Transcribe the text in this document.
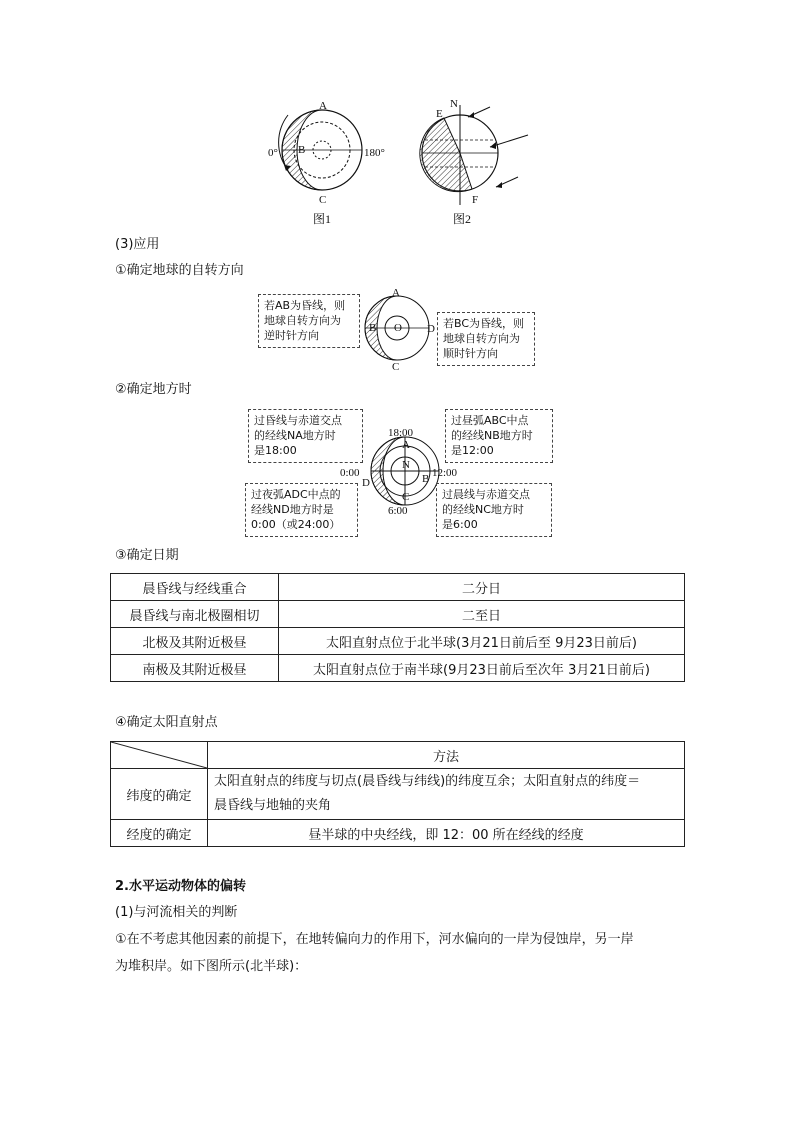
A
B
C
0°	180°
图1
E
N
F
图2
(3)应用
①确定地球的自转方向
若AB为昏线，则
地球自转方向为
逆时针方向
A
B O D
C
若BC为昏线，则
地球自转方向为
顺时针方向
②确定地方时
过昏线与赤道交点
的经线NA地方时
是18:00
过昼弧ABC中点
的经线NB地方时
是12:00
18:00
A
N
0:00
D
12:00
B
C
6:00
过夜弧ADC中点的
经线ND地方时是
0:00（或24:00）
过晨线与赤道交点
的经线NC地方时
是6:00
③确定日期
晨昏线与经线重合	二分日
晨昏线与南北极圈相切	二至日
北极及其附近极昼	太阳直射点位于北半球(3月21日前后至 9月23日前后)
南极及其附近极昼	太阳直射点位于南半球(9月23日前后至次年 3月21日前后)
④确定太阳直射点
	方法
纬度的确定	太阳直射点的纬度与切点(晨昏线与纬线)的纬度互余；太阳直射点的纬度＝
晨昏线与地轴的夹角

经度的确定	昼半球的中央经线，即 12：00 所在经线的经度
2.水平运动物体的偏转
(1)与河流相关的判断
①在不考虑其他因素的前提下，在地转偏向力的作用下，河水偏向的一岸为侵蚀岸，另一岸
为堆积岸。如下图所示(北半球)：
